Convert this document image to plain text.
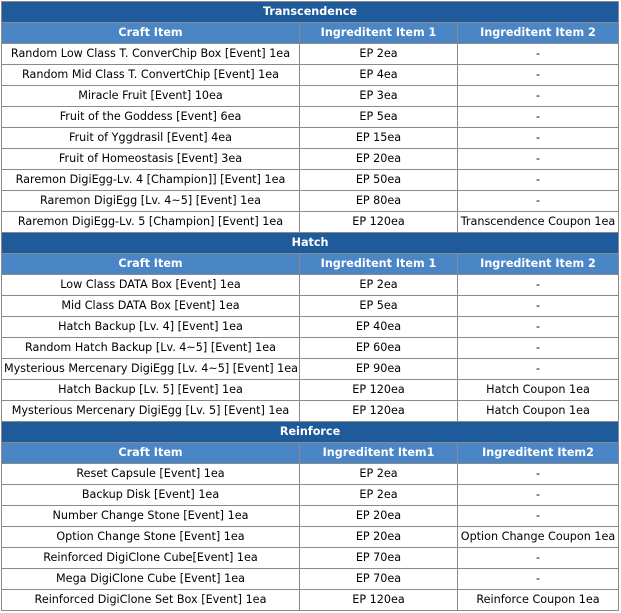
Transcendence		
Craft Item	Ingreditent Item 1	Ingreditent Item 2
Random Low Class T. ConverChip Box [Event] 1ea	EP 2ea	-
Random Mid Class T. ConvertChip [Event] 1ea	EP 4ea	-
Miracle Fruit [Event] 10ea	EP 3ea	-
Fruit of the Goddess [Event] 6ea	EP 5ea	-
Fruit of Yggdrasil [Event] 4ea	EP 15ea	-
Fruit of Homeostasis [Event] 3ea	EP 20ea	-
Raremon DigiEgg-Lv. 4 [Champion]] [Event] 1ea	EP 50ea	-
Raremon DigiEgg [Lv. 4~5] [Event] 1ea	EP 80ea	-
Raremon DigiEgg-Lv. 5 [Champion] [Event] 1ea	EP 120ea	Transcendence Coupon 1ea
Hatch		
Craft Item	Ingreditent Item 1	Ingreditent Item 2
Low Class DATA Box [Event] 1ea	EP 2ea	-
Mid Class DATA Box [Event] 1ea	EP 5ea	-
Hatch Backup [Lv. 4] [Event] 1ea	EP 40ea	-
Random Hatch Backup [Lv. 4~5] [Event] 1ea	EP 60ea	-
Mysterious Mercenary DigiEgg [Lv. 4~5] [Event] 1ea	EP 90ea	-
Hatch Backup [Lv. 5] [Event] 1ea	EP 120ea	Hatch Coupon 1ea
Mysterious Mercenary DigiEgg [Lv. 5] [Event] 1ea	EP 120ea	Hatch Coupon 1ea
Reinforce		
Craft Item	Ingreditent Item1	Ingreditent Item2
Reset Capsule [Event] 1ea	EP 2ea	-
Backup Disk [Event] 1ea	EP 2ea	-
Number Change Stone [Event] 1ea	EP 20ea	-
Option Change Stone [Event] 1ea	EP 20ea	Option Change Coupon 1ea
Reinforced DigiClone Cube[Event] 1ea	EP 70ea	-
Mega DigiClone Cube [Event] 1ea	EP 70ea	-
Reinforced DigiClone Set Box [Event] 1ea	EP 120ea	Reinforce Coupon 1ea
